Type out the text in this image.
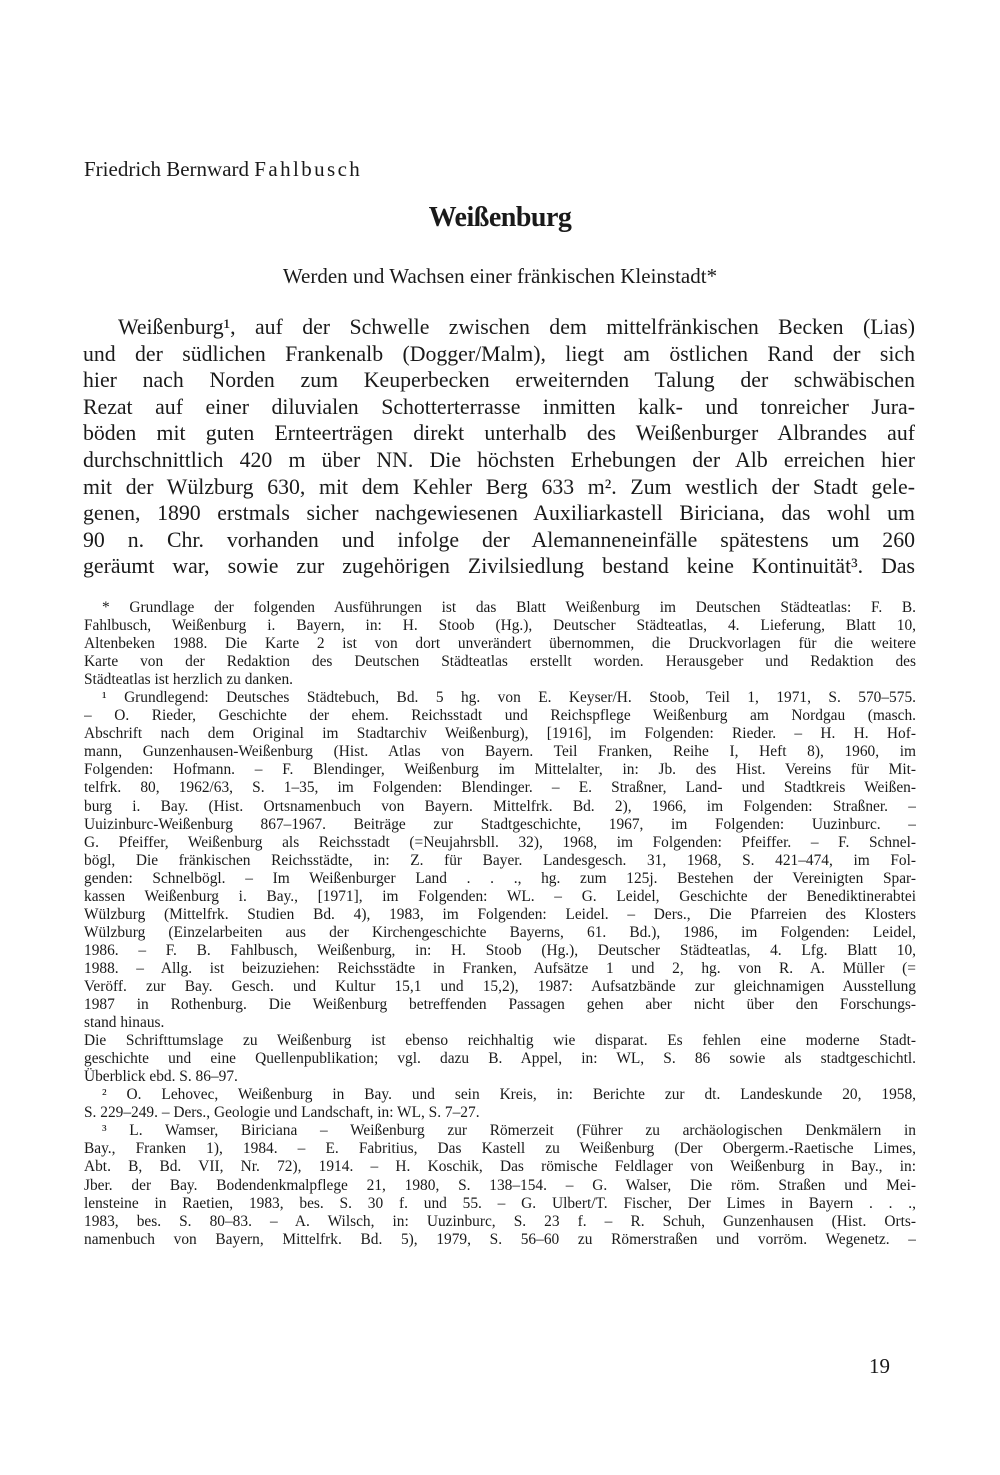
Friedrich Bernward Fahlbusch
Weißenburg
Werden und Wachsen einer fränkischen Kleinstadt*
Weißenburg¹, auf der Schwelle zwischen dem mittelfränkischen Becken (Lias)
und der südlichen Frankenalb (Dogger/Malm), liegt am östlichen Rand der sich
hier nach Norden zum Keuperbecken erweiternden Talung der schwäbischen
Rezat auf einer diluvialen Schotterterrasse inmitten kalk- und tonreicher Jura-
böden mit guten Ernteerträgen direkt unterhalb des Weißenburger Albrandes auf
durchschnittlich 420 m über NN. Die höchsten Erhebungen der Alb erreichen hier
mit der Wülzburg 630, mit dem Kehler Berg 633 m². Zum westlich der Stadt gele-
genen, 1890 erstmals sicher nachgewiesenen Auxiliarkastell Biriciana, das wohl um
90 n. Chr. vorhanden und infolge der Alemanneneinfälle spätestens um 260
geräumt war, sowie zur zugehörigen Zivilsiedlung bestand keine Kontinuität³. Das
* Grundlage der folgenden Ausführungen ist das Blatt Weißenburg im Deutschen Städteatlas: F. B.
Fahlbusch, Weißenburg i. Bayern, in: H. Stoob (Hg.), Deutscher Städteatlas, 4. Lieferung, Blatt 10,
Altenbeken 1988. Die Karte 2 ist von dort unverändert übernommen, die Druckvorlagen für die weitere
Karte von der Redaktion des Deutschen Städteatlas erstellt worden. Herausgeber und Redaktion des
Städteatlas ist herzlich zu danken.
¹ Grundlegend: Deutsches Städtebuch, Bd. 5 hg. von E. Keyser/H. Stoob, Teil 1, 1971, S. 570–575.
– O. Rieder, Geschichte der ehem. Reichsstadt und Reichspflege Weißenburg am Nordgau (masch.
Abschrift nach dem Original im Stadtarchiv Weißenburg), [1916], im Folgenden: Rieder. – H. H. Hof-
mann, Gunzenhausen-Weißenburg (Hist. Atlas von Bayern. Teil Franken, Reihe I, Heft 8), 1960, im
Folgenden: Hofmann. – F. Blendinger, Weißenburg im Mittelalter, in: Jb. des Hist. Vereins für Mit-
telfrk. 80, 1962/63, S. 1–35, im Folgenden: Blendinger. – E. Straßner, Land- und Stadtkreis Weißen-
burg i. Bay. (Hist. Ortsnamenbuch von Bayern. Mittelfrk. Bd. 2), 1966, im Folgenden: Straßner. –
Uuizinburc-Weißenburg 867–1967. Beiträge zur Stadtgeschichte, 1967, im Folgenden: Uuzinburc. –
G. Pfeiffer, Weißenburg als Reichsstadt (=Neujahrsbll. 32), 1968, im Folgenden: Pfeiffer. – F. Schnel-
bögl, Die fränkischen Reichsstädte, in: Z. für Bayer. Landesgesch. 31, 1968, S. 421–474, im Fol-
genden: Schnelbögl. – Im Weißenburger Land . . ., hg. zum 125j. Bestehen der Vereinigten Spar-
kassen Weißenburg i. Bay., [1971], im Folgenden: WL. – G. Leidel, Geschichte der Benediktinerabtei
Wülzburg (Mittelfrk. Studien Bd. 4), 1983, im Folgenden: Leidel. – Ders., Die Pfarreien des Klosters
Wülzburg (Einzelarbeiten aus der Kirchengeschichte Bayerns, 61. Bd.), 1986, im Folgenden: Leidel,
1986. – F. B. Fahlbusch, Weißenburg, in: H. Stoob (Hg.), Deutscher Städteatlas, 4. Lfg. Blatt 10,
1988. – Allg. ist beizuziehen: Reichsstädte in Franken, Aufsätze 1 und 2, hg. von R. A. Müller (=
Veröff. zur Bay. Gesch. und Kultur 15,1 und 15,2), 1987: Aufsatzbände zur gleichnamigen Ausstellung
1987 in Rothenburg. Die Weißenburg betreffenden Passagen gehen aber nicht über den Forschungs-
stand hinaus.
Die Schrifttumslage zu Weißenburg ist ebenso reichhaltig wie disparat. Es fehlen eine moderne Stadt-
geschichte und eine Quellenpublikation; vgl. dazu B. Appel, in: WL, S. 86 sowie als stadtgeschichtl.
Überblick ebd. S. 86–97.
² O. Lehovec, Weißenburg in Bay. und sein Kreis, in: Berichte zur dt. Landeskunde 20, 1958,
S. 229–249. – Ders., Geologie und Landschaft, in: WL, S. 7–27.
³ L. Wamser, Biriciana – Weißenburg zur Römerzeit (Führer zu archäologischen Denkmälern in
Bay., Franken 1), 1984. – E. Fabritius, Das Kastell zu Weißenburg (Der Obergerm.-Raetische Limes,
Abt. B, Bd. VII, Nr. 72), 1914. – H. Koschik, Das römische Feldlager von Weißenburg in Bay., in:
Jber. der Bay. Bodendenkmalpflege 21, 1980, S. 138–154. – G. Walser, Die röm. Straßen und Mei-
lensteine in Raetien, 1983, bes. S. 30 f. und 55. – G. Ulbert/T. Fischer, Der Limes in Bayern . . .,
1983, bes. S. 80–83. – A. Wilsch, in: Uuzinburc, S. 23 f. – R. Schuh, Gunzenhausen (Hist. Orts-
namenbuch von Bayern, Mittelfrk. Bd. 5), 1979, S. 56–60 zu Römerstraßen und vorröm. Wegenetz. –
19
